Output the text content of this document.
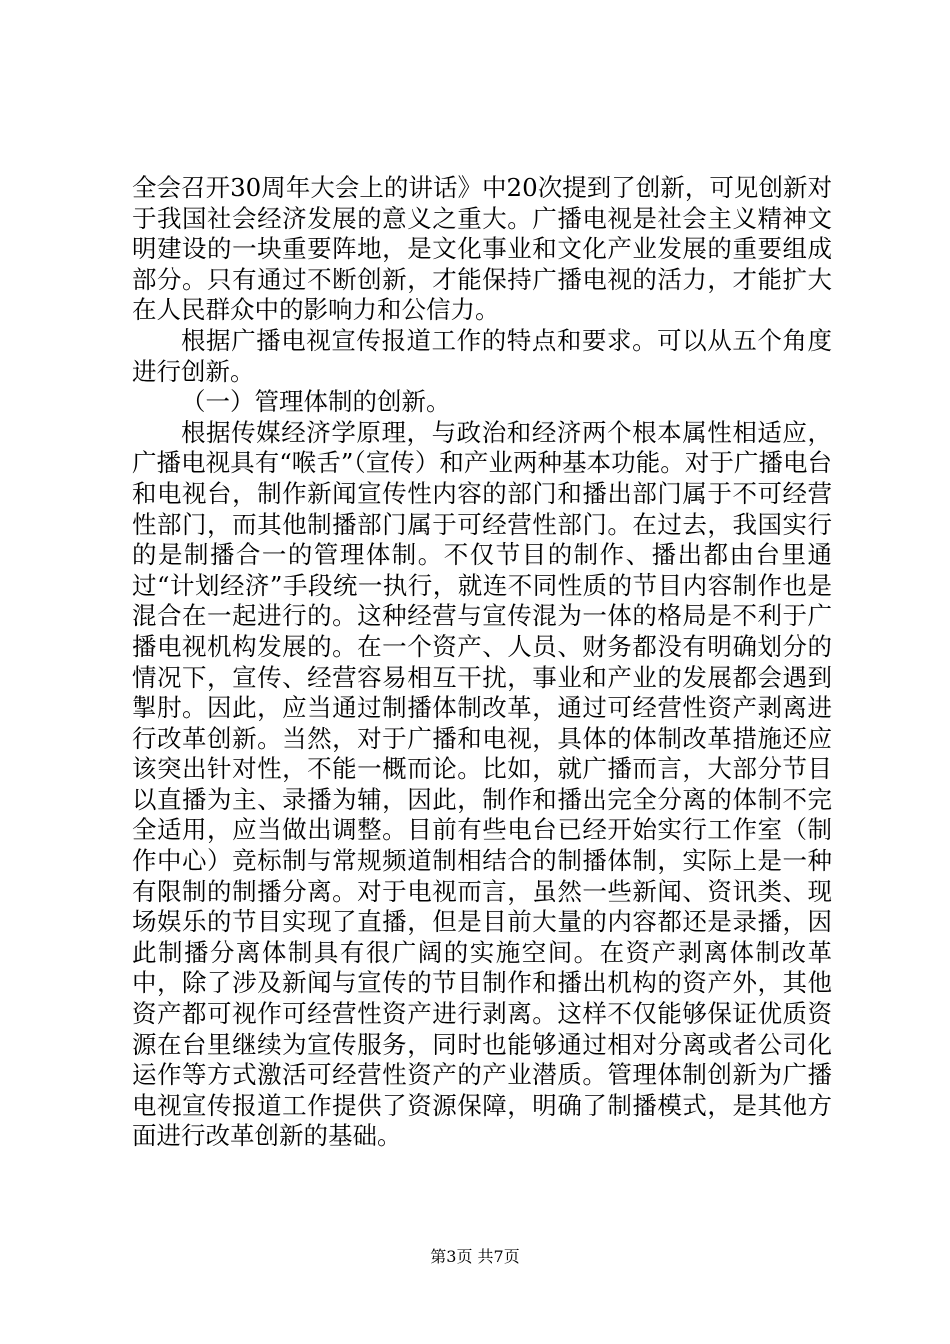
全会召开30周年大会上的讲话》中20次提到了创新，可见创新对于我国社会经济发展的意义之重大。广播电视是社会主义精神文明建设的一块重要阵地，是文化事业和文化产业发展的重要组成部分。只有通过不断创新，才能保持广播电视的活力，才能扩大在人民群众中的影响力和公信力。

根据广播电视宣传报道工作的特点和要求。可以从五个角度进行创新。

（一）管理体制的创新。

根据传媒经济学原理，与政治和经济两个根本属性相适应，广播电视具有“喉舌”（宣传）和产业两种基本功能。对于广播电台和电视台，制作新闻宣传性内容的部门和播出部门属于不可经营性部门，而其他制播部门属于可经营性部门。在过去，我国实行的是制播合一的管理体制。不仅节目的制作、播出都由台里通过“计划经济”手段统一执行，就连不同性质的节目内容制作也是混合在一起进行的。这种经营与宣传混为一体的格局是不利于广播电视机构发展的。在一个资产、人员、财务都没有明确划分的情况下，宣传、经营容易相互干扰，事业和产业的发展都会遇到掣肘。因此，应当通过制播体制改革，通过可经营性资产剥离进行改革创新。当然，对于广播和电视，具体的体制改革措施还应该突出针对性，不能一概而论。比如，就广播而言，大部分节目以直播为主、录播为辅，因此，制作和播出完全分离的体制不完全适用，应当做出调整。目前有些电台已经开始实行工作室（制作中心）竞标制与常规频道制相结合的制播体制，实际上是一种有限制的制播分离。对于电视而言，虽然一些新闻、资讯类、现场娱乐的节目实现了直播，但是目前大量的内容都还是录播，因此制播分离体制具有很广阔的实施空间。在资产剥离体制改革中，除了涉及新闻与宣传的节目制作和播出机构的资产外，其他资产都可视作可经营性资产进行剥离。这样不仅能够保证优质资源在台里继续为宣传服务，同时也能够通过相对分离或者公司化运作等方式激活可经营性资产的产业潜质。管理体制创新为广播电视宣传报道工作提供了资源保障，明确了制播模式，是其他方面进行改革创新的基础。

第3页 共7页
